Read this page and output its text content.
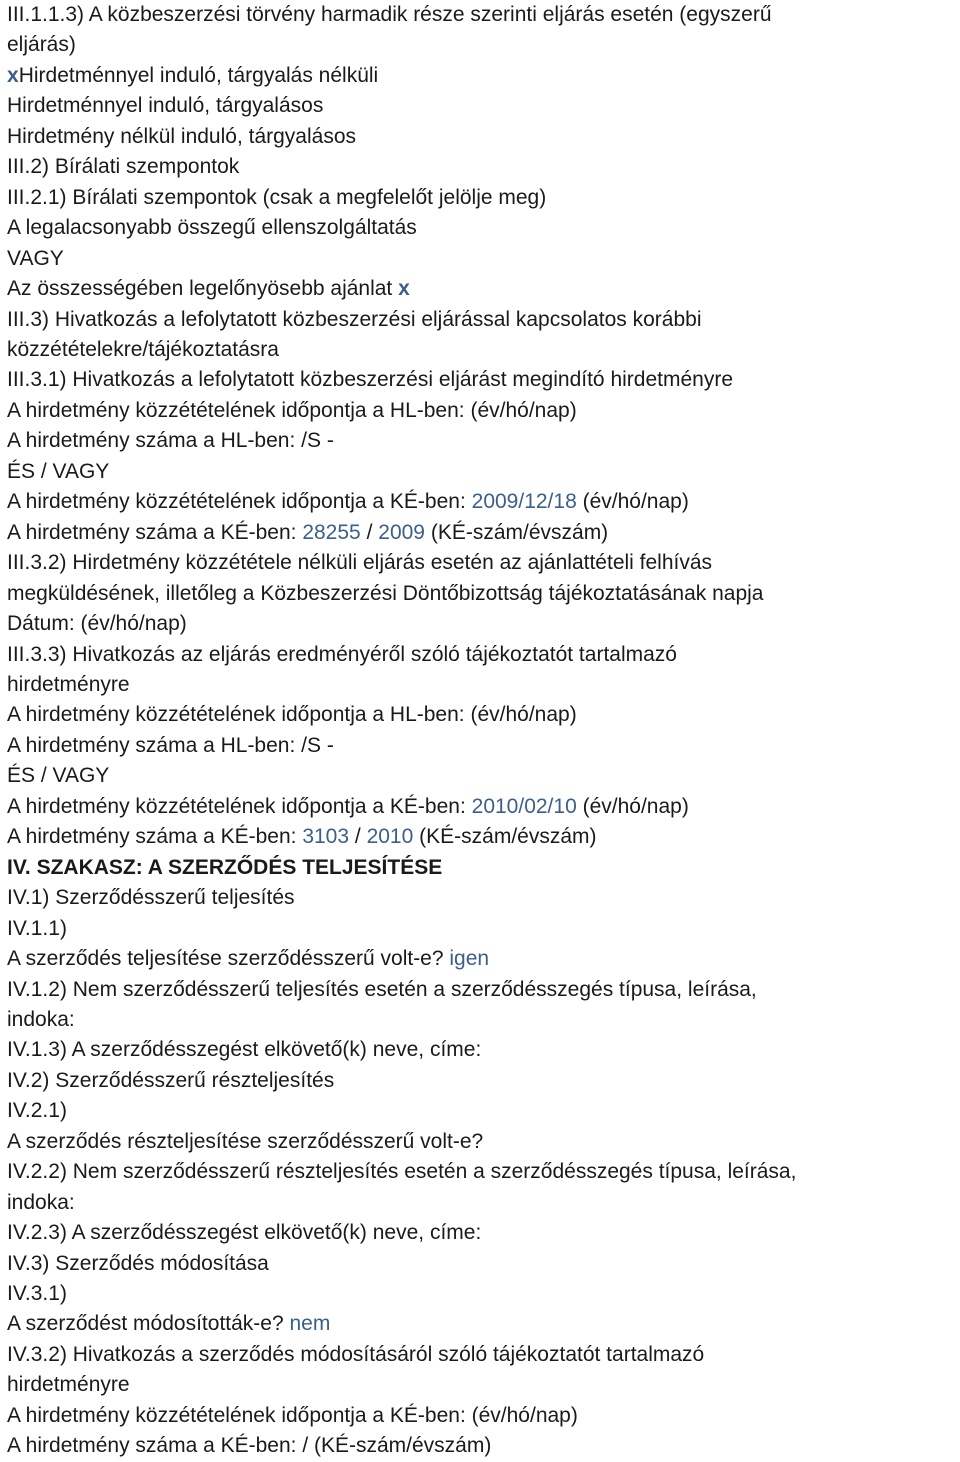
III.1.1.3) A közbeszerzési törvény harmadik része szerinti eljárás esetén (egyszerű
eljárás)
xHirdetménnyel induló, tárgyalás nélküli
Hirdetménnyel induló, tárgyalásos
Hirdetmény nélkül induló, tárgyalásos
III.2) Bírálati szempontok
III.2.1) Bírálati szempontok (csak a megfelelőt jelölje meg)
A legalacsonyabb összegű ellenszolgáltatás
VAGY
Az összességében legelőnyösebb ajánlat x
III.3) Hivatkozás a lefolytatott közbeszerzési eljárással kapcsolatos korábbi
közzétételekre/tájékoztatásra
III.3.1) Hivatkozás a lefolytatott közbeszerzési eljárást megindító hirdetményre
A hirdetmény közzétételének időpontja a HL-ben: (év/hó/nap)
A hirdetmény száma a HL-ben: /S -
ÉS / VAGY
A hirdetmény közzétételének időpontja a KÉ-ben: 2009/12/18 (év/hó/nap)
A hirdetmény száma a KÉ-ben: 28255 / 2009 (KÉ-szám/évszám)
III.3.2) Hirdetmény közzététele nélküli eljárás esetén az ajánlattételi felhívás
megküldésének, illetőleg a Közbeszerzési Döntőbizottság tájékoztatásának napja
Dátum: (év/hó/nap)
III.3.3) Hivatkozás az eljárás eredményéről szóló tájékoztatót tartalmazó
hirdetményre
A hirdetmény közzétételének időpontja a HL-ben: (év/hó/nap)
A hirdetmény száma a HL-ben: /S -
ÉS / VAGY
A hirdetmény közzétételének időpontja a KÉ-ben: 2010/02/10 (év/hó/nap)
A hirdetmény száma a KÉ-ben: 3103 / 2010 (KÉ-szám/évszám)
IV. SZAKASZ: A SZERZŐDÉS TELJESÍTÉSE
IV.1) Szerződésszerű teljesítés
IV.1.1)
A szerződés teljesítése szerződésszerű volt-e? igen
IV.1.2) Nem szerződésszerű teljesítés esetén a szerződésszegés típusa, leírása,
indoka:
IV.1.3) A szerződésszegést elkövető(k) neve, címe:
IV.2) Szerződésszerű részteljesítés
IV.2.1)
A szerződés részteljesítése szerződésszerű volt-e?
IV.2.2) Nem szerződésszerű részteljesítés esetén a szerződésszegés típusa, leírása,
indoka:
IV.2.3) A szerződésszegést elkövető(k) neve, címe:
IV.3) Szerződés módosítása
IV.3.1)
A szerződést módosították-e? nem
IV.3.2) Hivatkozás a szerződés módosításáról szóló tájékoztatót tartalmazó
hirdetményre
A hirdetmény közzétételének időpontja a KÉ-ben: (év/hó/nap)
A hirdetmény száma a KÉ-ben: / (KÉ-szám/évszám)
